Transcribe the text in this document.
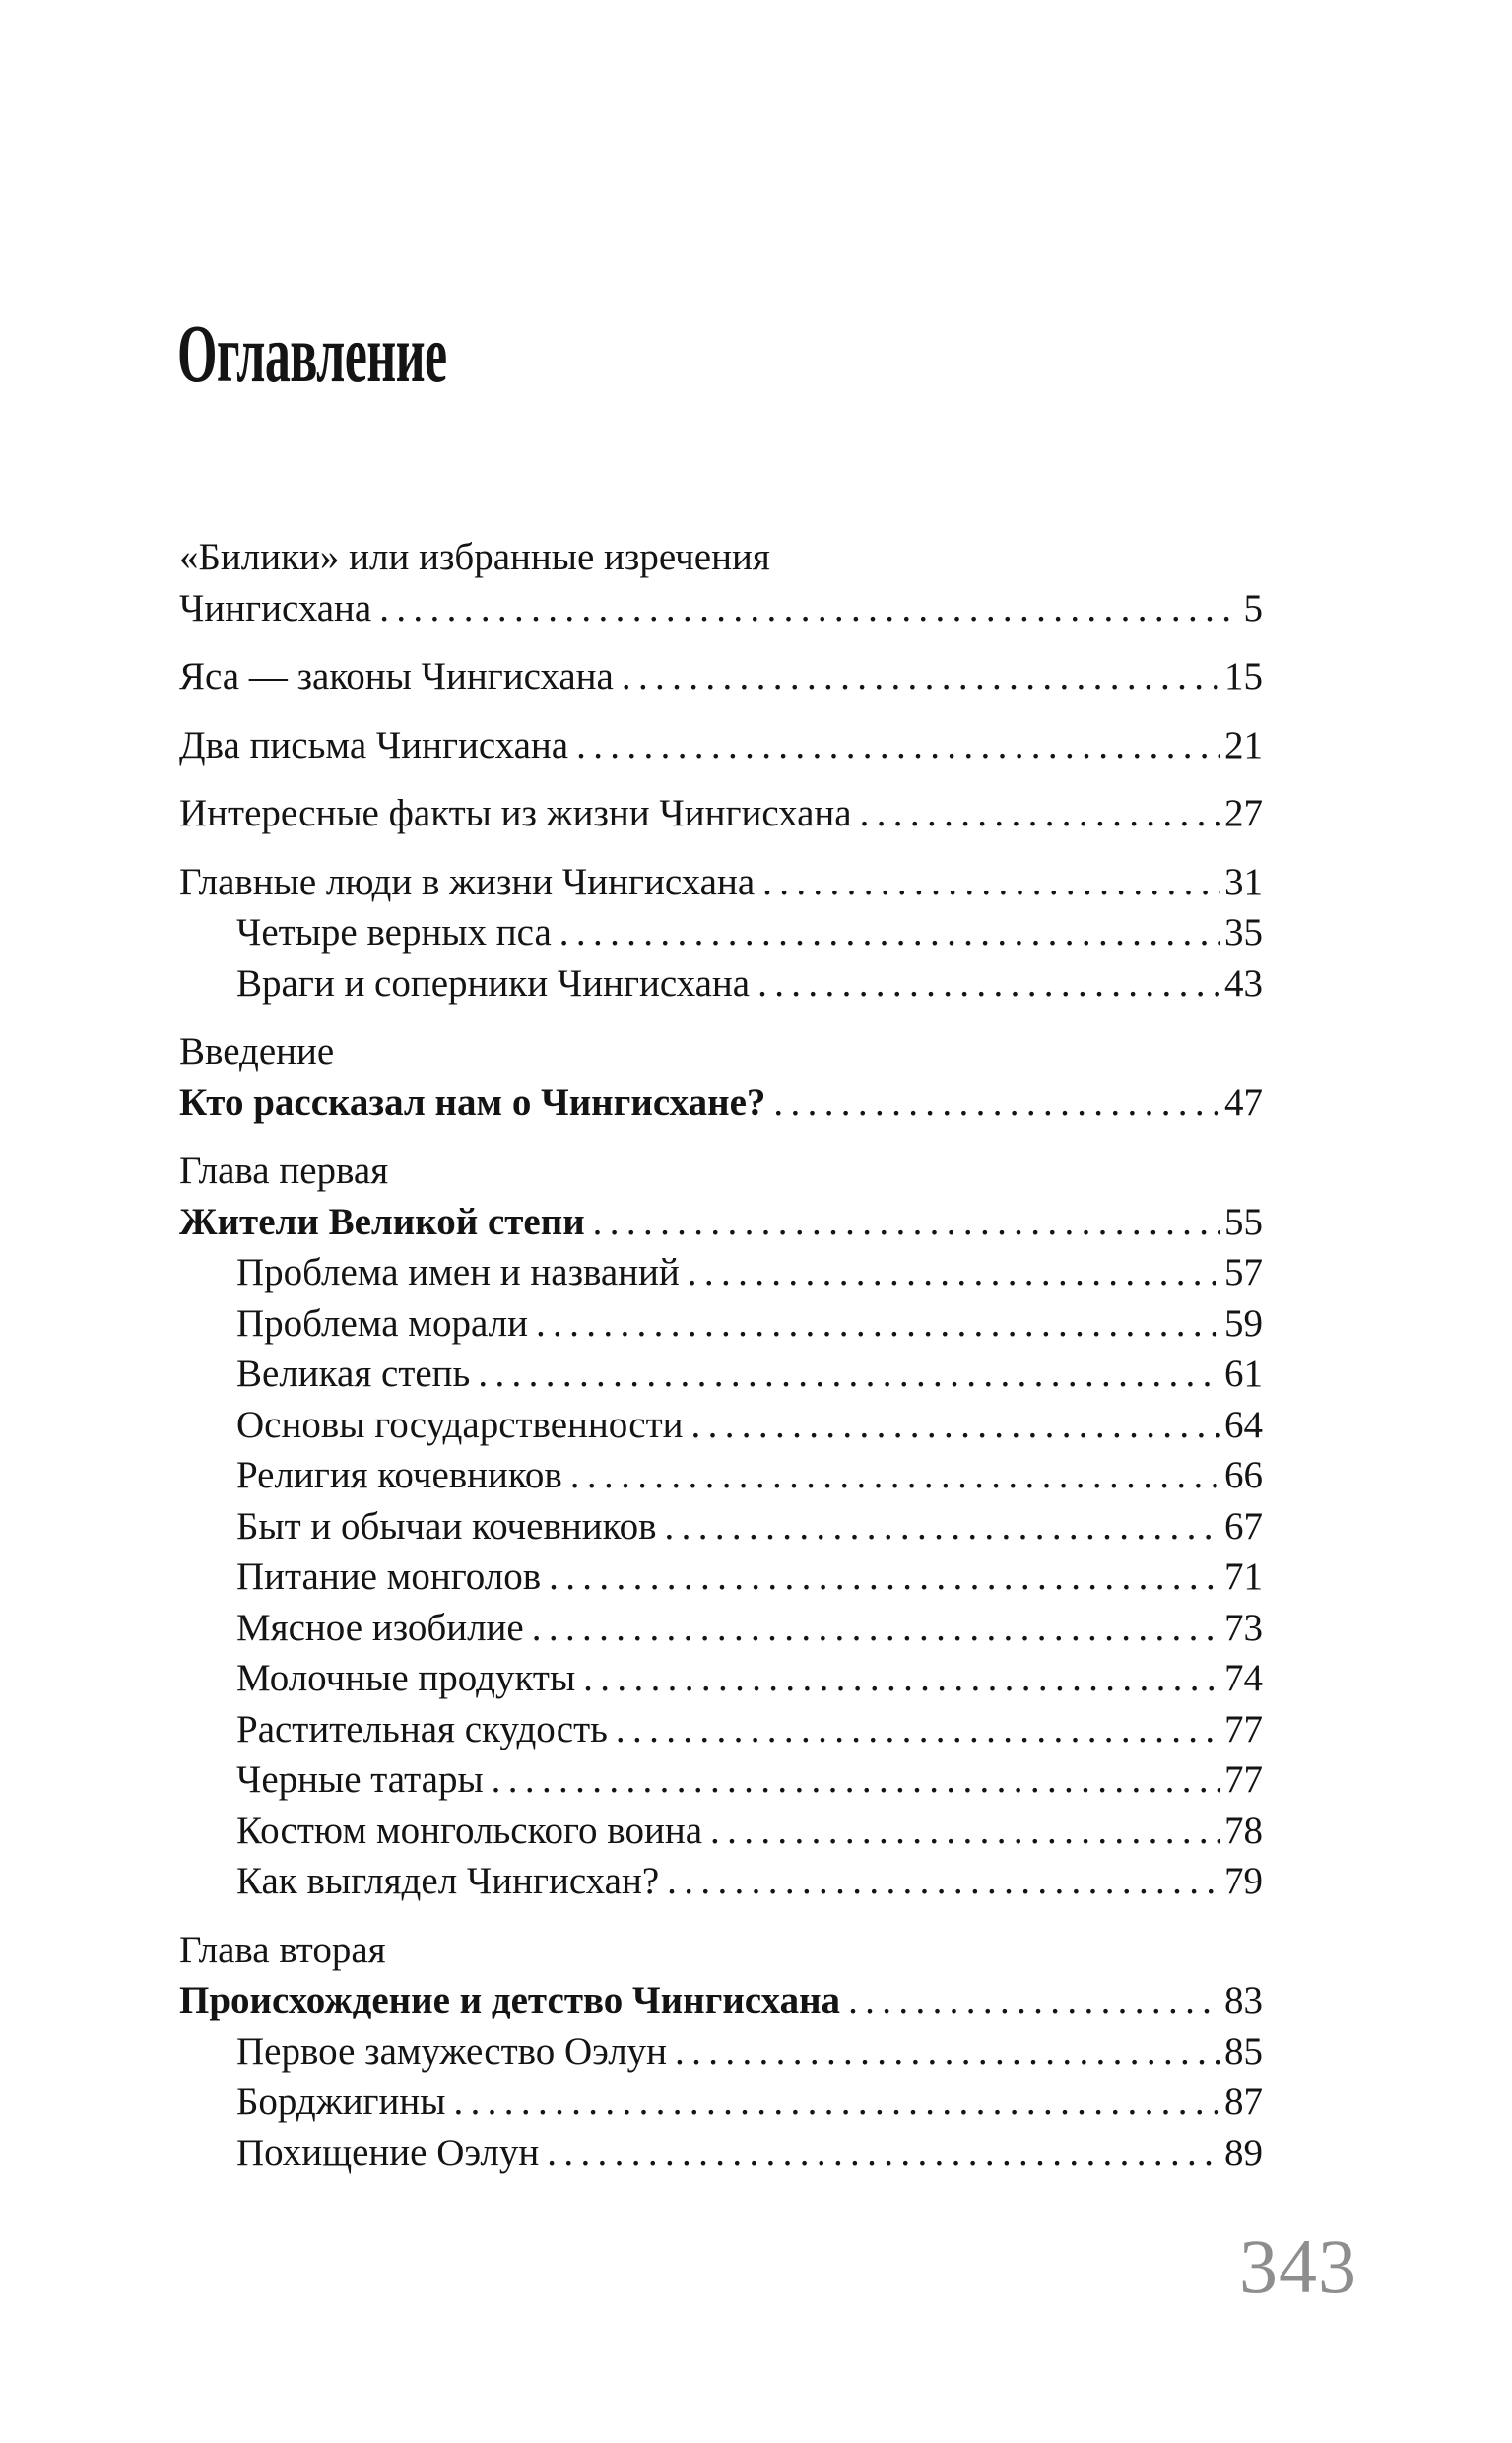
Оглавление
«Билики» или избранные изречения
Чингисхана . . .	5
Яса — законы Чингисхана . . .	15
Два письма Чингисхана . . .	21
Интересные факты из жизни Чингисхана . . .	27
Главные люди в жизни Чингисхана . . .	31
Четыре верных пса . . .	35
Враги и соперники Чингисхана . . .	43
Введение
Кто рассказал нам о Чингисхане? . . .	47
Глава первая
Жители Великой степи . . .	55
Проблема имен и названий . . .	57
Проблема морали . . .	59
Великая степь . . .	61
Основы государственности . . .	64
Религия кочевников . . .	66
Быт и обычаи кочевников . . .	67
Питание монголов . . .	71
Мясное изобилие . . .	73
Молочные продукты . . .	74
Растительная скудость . . .	77
Черные татары . . .	77
Костюм монгольского воина . . .	78
Как выглядел Чингисхан? . . .	79
Глава вторая
Происхождение и детство Чингисхана . . .	83
Первое замужество Оэлун . . .	85
Борджигины . . .	87
Похищение Оэлун . . .	89
343
